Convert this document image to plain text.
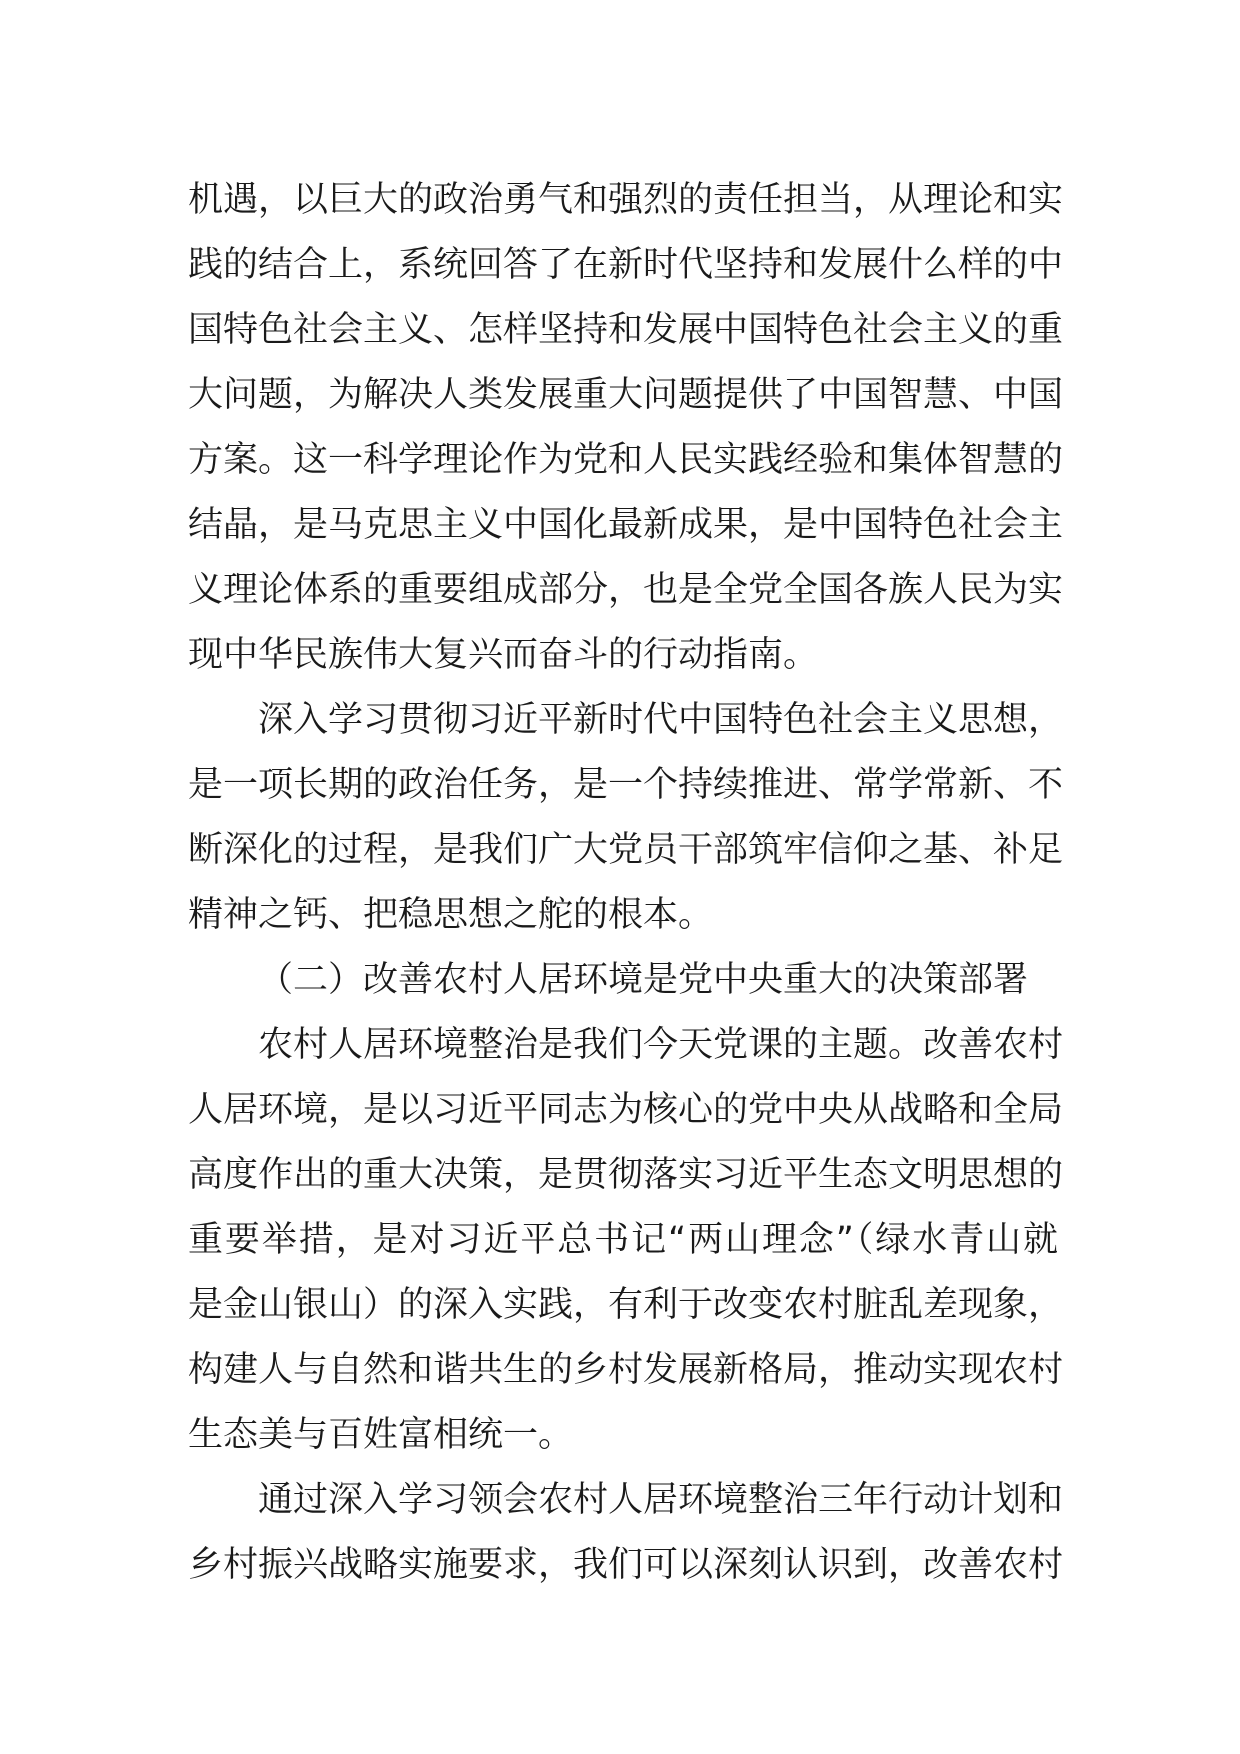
机遇，以巨大的政治勇气和强烈的责任担当，从理论和实
践的结合上，系统回答了在新时代坚持和发展什么样的中
国特色社会主义、怎样坚持和发展中国特色社会主义的重
大问题，为解决人类发展重大问题提供了中国智慧、中国
方案。这一科学理论作为党和人民实践经验和集体智慧的
结晶，是马克思主义中国化最新成果，是中国特色社会主
义理论体系的重要组成部分，也是全党全国各族人民为实
现中华民族伟大复兴而奋斗的行动指南。
深入学习贯彻习近平新时代中国特色社会主义思想，
是一项长期的政治任务，是一个持续推进、常学常新、不
断深化的过程，是我们广大党员干部筑牢信仰之基、补足
精神之钙、把稳思想之舵的根本。
（二）改善农村人居环境是党中央重大的决策部署
农村人居环境整治是我们今天党课的主题。改善农村
人居环境，是以习近平同志为核心的党中央从战略和全局
高度作出的重大决策，是贯彻落实习近平生态文明思想的
重要举措，是对习近平总书记“两山理念”（绿水青山就
是金山银山）的深入实践，有利于改变农村脏乱差现象，
构建人与自然和谐共生的乡村发展新格局，推动实现农村
生态美与百姓富相统一。
通过深入学习领会农村人居环境整治三年行动计划和
乡村振兴战略实施要求，我们可以深刻认识到，改善农村
